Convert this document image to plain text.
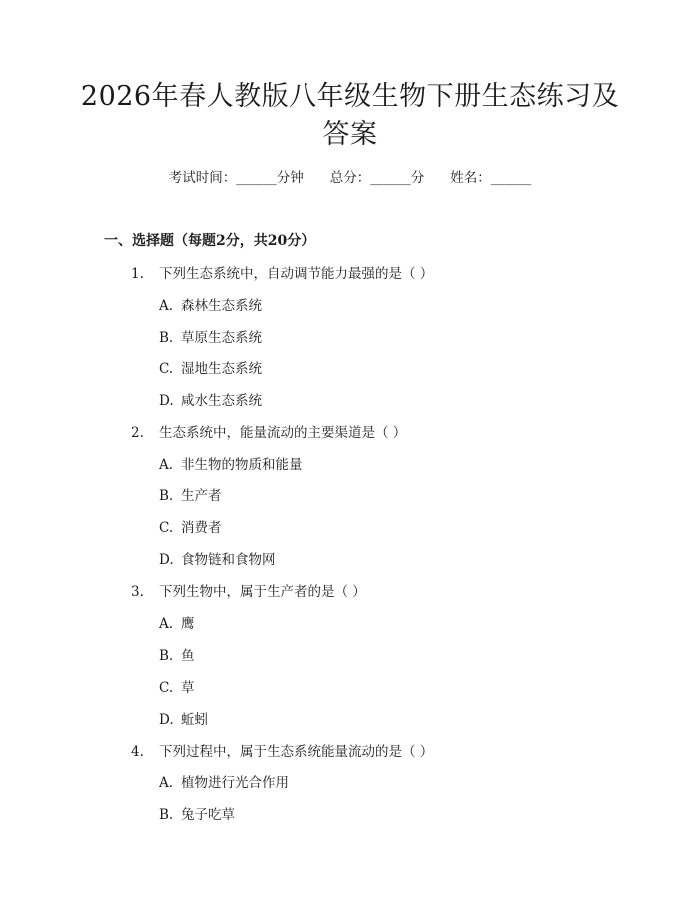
2026年春人教版八年级生物下册生态练习及
答案
考试时间：______分钟 总分：______分 姓名：______
一、选择题（每题2分，共20分）
1. 下列生态系统中，自动调节能力最强的是（ ）
A. 森林生态系统
B. 草原生态系统
C. 湿地生态系统
D. 咸水生态系统
2. 生态系统中，能量流动的主要渠道是（ ）
A. 非生物的物质和能量
B. 生产者
C. 消费者
D. 食物链和食物网
3. 下列生物中，属于生产者的是（ ）
A. 鹰
B. 鱼
C. 草
D. 蚯蚓
4. 下列过程中，属于生态系统能量流动的是（ ）
A. 植物进行光合作用
B. 兔子吃草
